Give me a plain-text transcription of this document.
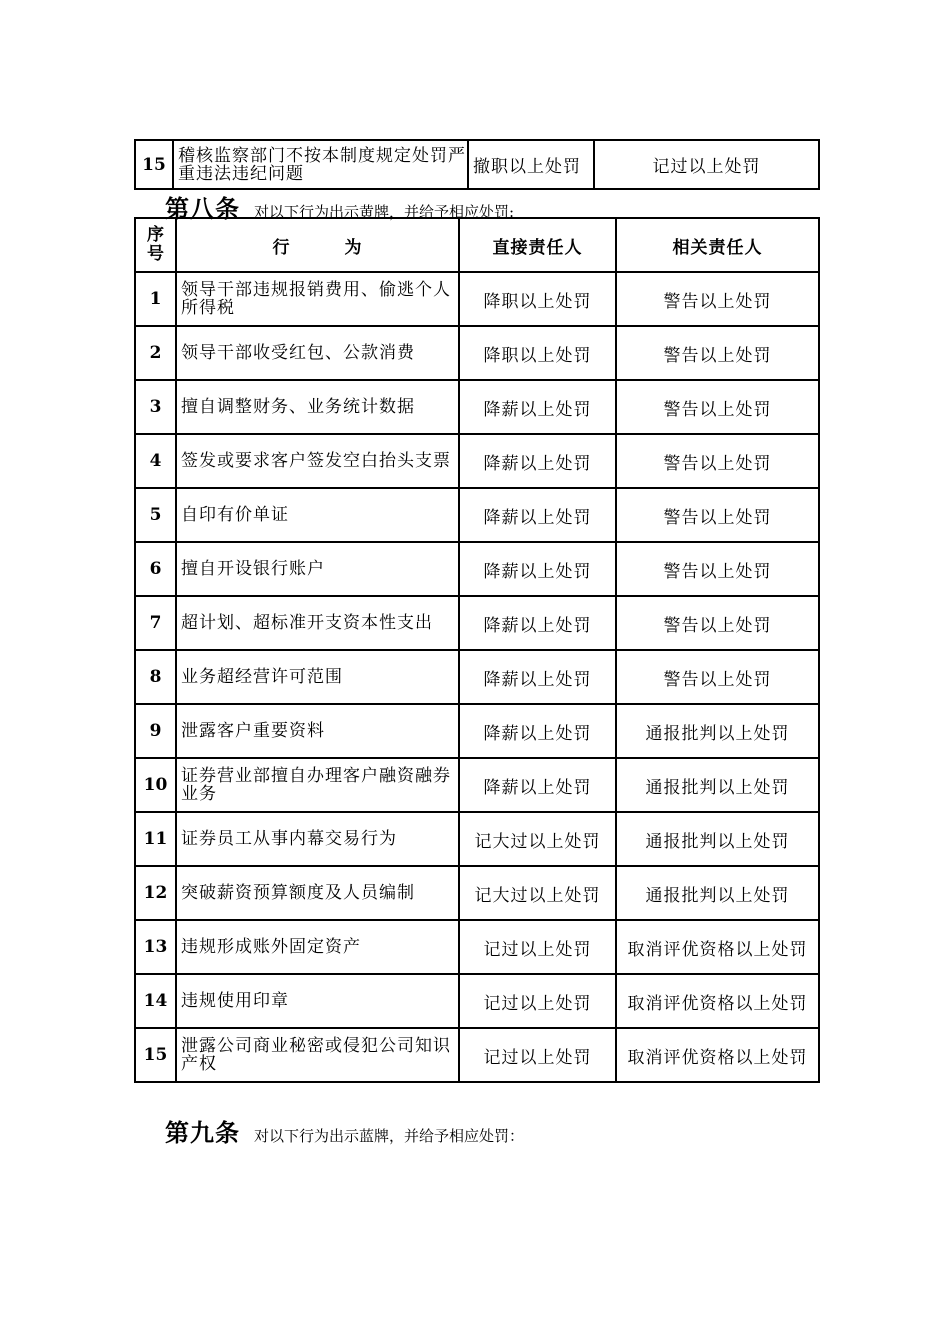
15	稽核监察部门不按本制度规定处罚严重违法违纪问题	撤职以上处罚	记过以上处罚
第八条 对以下行为出示黄牌，并给予相应处罚:
序号	行　　　为	直接责任人	相关责任人
1	领导干部违规报销费用、偷逃个人所得税	降职以上处罚	警告以上处罚
2	领导干部收受红包、公款消费	降职以上处罚	警告以上处罚
3	擅自调整财务、业务统计数据	降薪以上处罚	警告以上处罚
4	签发或要求客户签发空白抬头支票	降薪以上处罚	警告以上处罚
5	自印有价单证	降薪以上处罚	警告以上处罚
6	擅自开设银行账户	降薪以上处罚	警告以上处罚
7	超计划、超标准开支资本性支出	降薪以上处罚	警告以上处罚
8	业务超经营许可范围	降薪以上处罚	警告以上处罚
9	泄露客户重要资料	降薪以上处罚	通报批判以上处罚
10	证券营业部擅自办理客户融资融券业务	降薪以上处罚	通报批判以上处罚
11	证券员工从事内幕交易行为	记大过以上处罚	通报批判以上处罚
12	突破薪资预算额度及人员编制	记大过以上处罚	通报批判以上处罚
13	违规形成账外固定资产	记过以上处罚	取消评优资格以上处罚
14	违规使用印章	记过以上处罚	取消评优资格以上处罚
15	泄露公司商业秘密或侵犯公司知识产权	记过以上处罚	取消评优资格以上处罚
第九条 对以下行为出示蓝牌，并给予相应处罚：
